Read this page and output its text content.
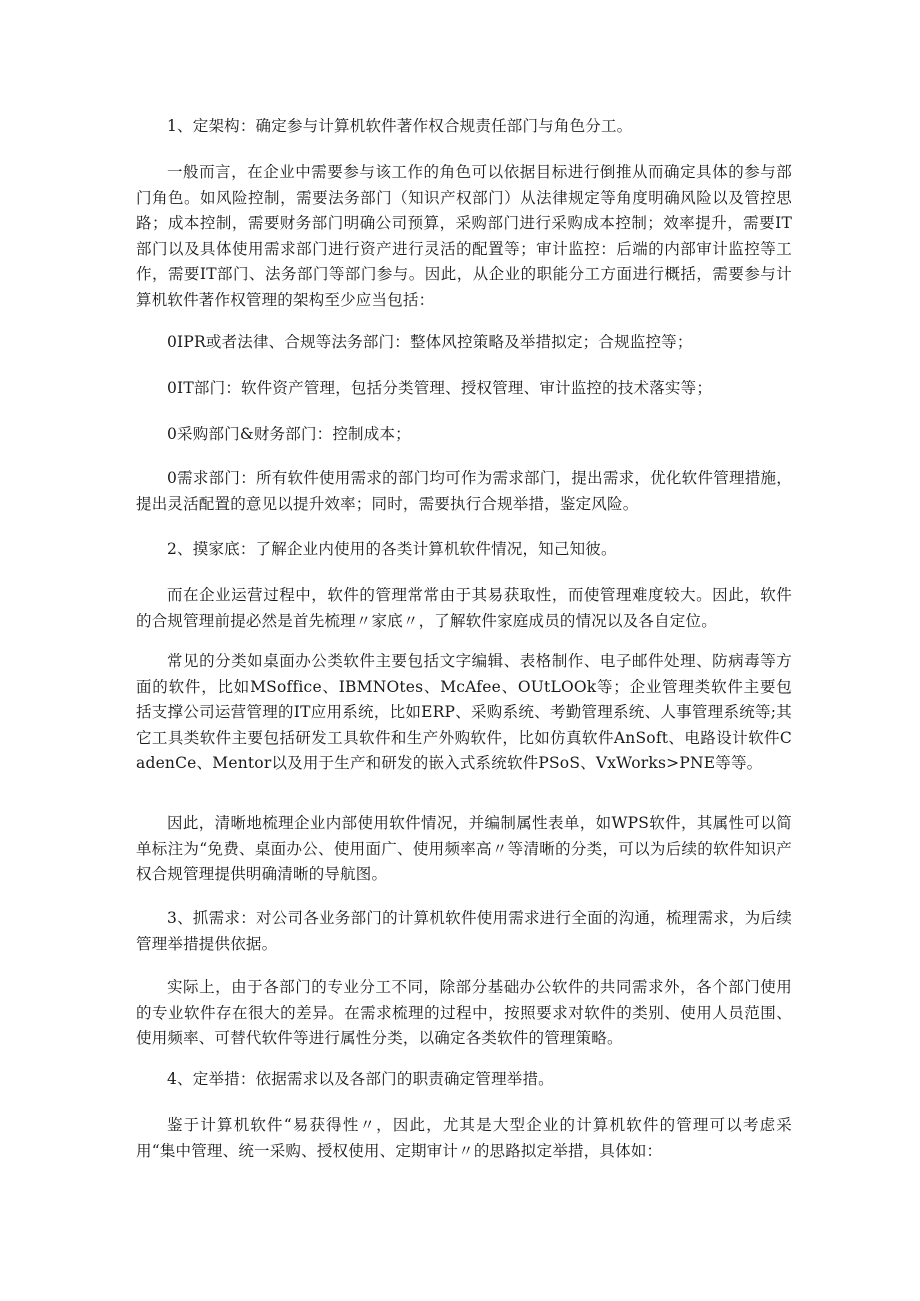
1、定架构：确定参与计算机软件著作权合规责任部门与角色分工。

一般而言，在企业中需要参与该工作的角色可以依据目标进行倒推从而确定具体的参与部门角色。如风险控制，需要法务部门（知识产权部门）从法律规定等角度明确风险以及管控思路；成本控制，需要财务部门明确公司预算，采购部门进行采购成本控制；效率提升，需要IT部门以及具体使用需求部门进行资产进行灵活的配置等；审计监控：后端的内部审计监控等工作，需要IT部门、法务部门等部门参与。因此，从企业的职能分工方面进行概括，需要参与计算机软件著作权管理的架构至少应当包括：

0IPR或者法律、合规等法务部门：整体风控策略及举措拟定；合规监控等；

0IT部门：软件资产管理，包括分类管理、授权管理、审计监控的技术落实等；

0采购部门&财务部门：控制成本；

0需求部门：所有软件使用需求的部门均可作为需求部门，提出需求，优化软件管理措施，提出灵活配置的意见以提升效率；同时，需要执行合规举措，鉴定风险。

2、摸家底：了解企业内使用的各类计算机软件情况，知己知彼。

而在企业运营过程中，软件的管理常常由于其易获取性，而使管理难度较大。因此，软件的合规管理前提必然是首先梳理〃家底〃，了解软件家庭成员的情况以及各自定位。

常见的分类如桌面办公类软件主要包括文字编辑、表格制作、电子邮件处理、防病毒等方面的软件，比如MSoffice、IBMNOtes、McAfee、OUtLOOk等；企业管理类软件主要包括支撑公司运营管理的IT应用系统，比如ERP、采购系统、考勤管理系统、人事管理系统等;其它工具类软件主要包括研发工具软件和生产外购软件，比如仿真软件AnSoft、电路设计软件CadenCe、Mentor以及用于生产和研发的嵌入式系统软件PSoS、VxWorks>PNE等等。

因此，清晰地梳理企业内部使用软件情况，并编制属性表单，如WPS软件，其属性可以简单标注为“免费、桌面办公、使用面广、使用频率高〃等清晰的分类，可以为后续的软件知识产权合规管理提供明确清晰的导航图。

3、抓需求：对公司各业务部门的计算机软件使用需求进行全面的沟通，梳理需求，为后续管理举措提供依据。

实际上，由于各部门的专业分工不同，除部分基础办公软件的共同需求外，各个部门使用的专业软件存在很大的差异。在需求梳理的过程中，按照要求对软件的类别、使用人员范围、使用频率、可替代软件等进行属性分类，以确定各类软件的管理策略。

4、定举措：依据需求以及各部门的职责确定管理举措。

鉴于计算机软件“易获得性〃，因此，尤其是大型企业的计算机软件的管理可以考虑采用“集中管理、统一采购、授权使用、定期审计〃的思路拟定举措，具体如：
